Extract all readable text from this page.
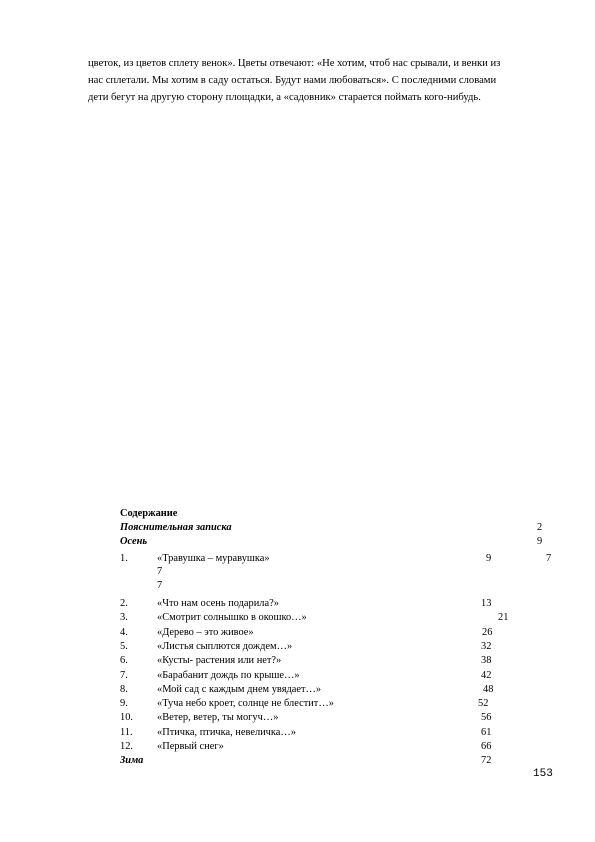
цветок, из цветов сплету венок». Цветы отвечают: «Не хотим, чтоб нас срывали, и венки из
нас сплетали. Мы хотим в саду остаться. Будут нами любоваться». С последними словами
дети бегут на другую сторону площадки, а «садовник» старается поймать кого-нибудь.
Содержание
Пояснительная записка	2
Осень	9
1.	«Травушка – муравушка»	9	7
7
7
2.	«Что нам осень подарила?»	13
3.	«Смотрит солнышко в окошко…»	21
4.	«Дерево – это живое»	26
5.	«Листья сыплются дождем…»	32
6.	«Кусты- растения или нет?»	38
7.	«Барабанит дождь по крыше…»	42
8.	«Мой сад с каждым днем увядает…»	48
9.	«Туча небо кроет, солнце не блестит…»	52
10. «Ветер, ветер, ты могуч…»	56
11. «Птичка, птичка, невеличка…»	61
12. «Первый снег»	66
Зима	72
153
